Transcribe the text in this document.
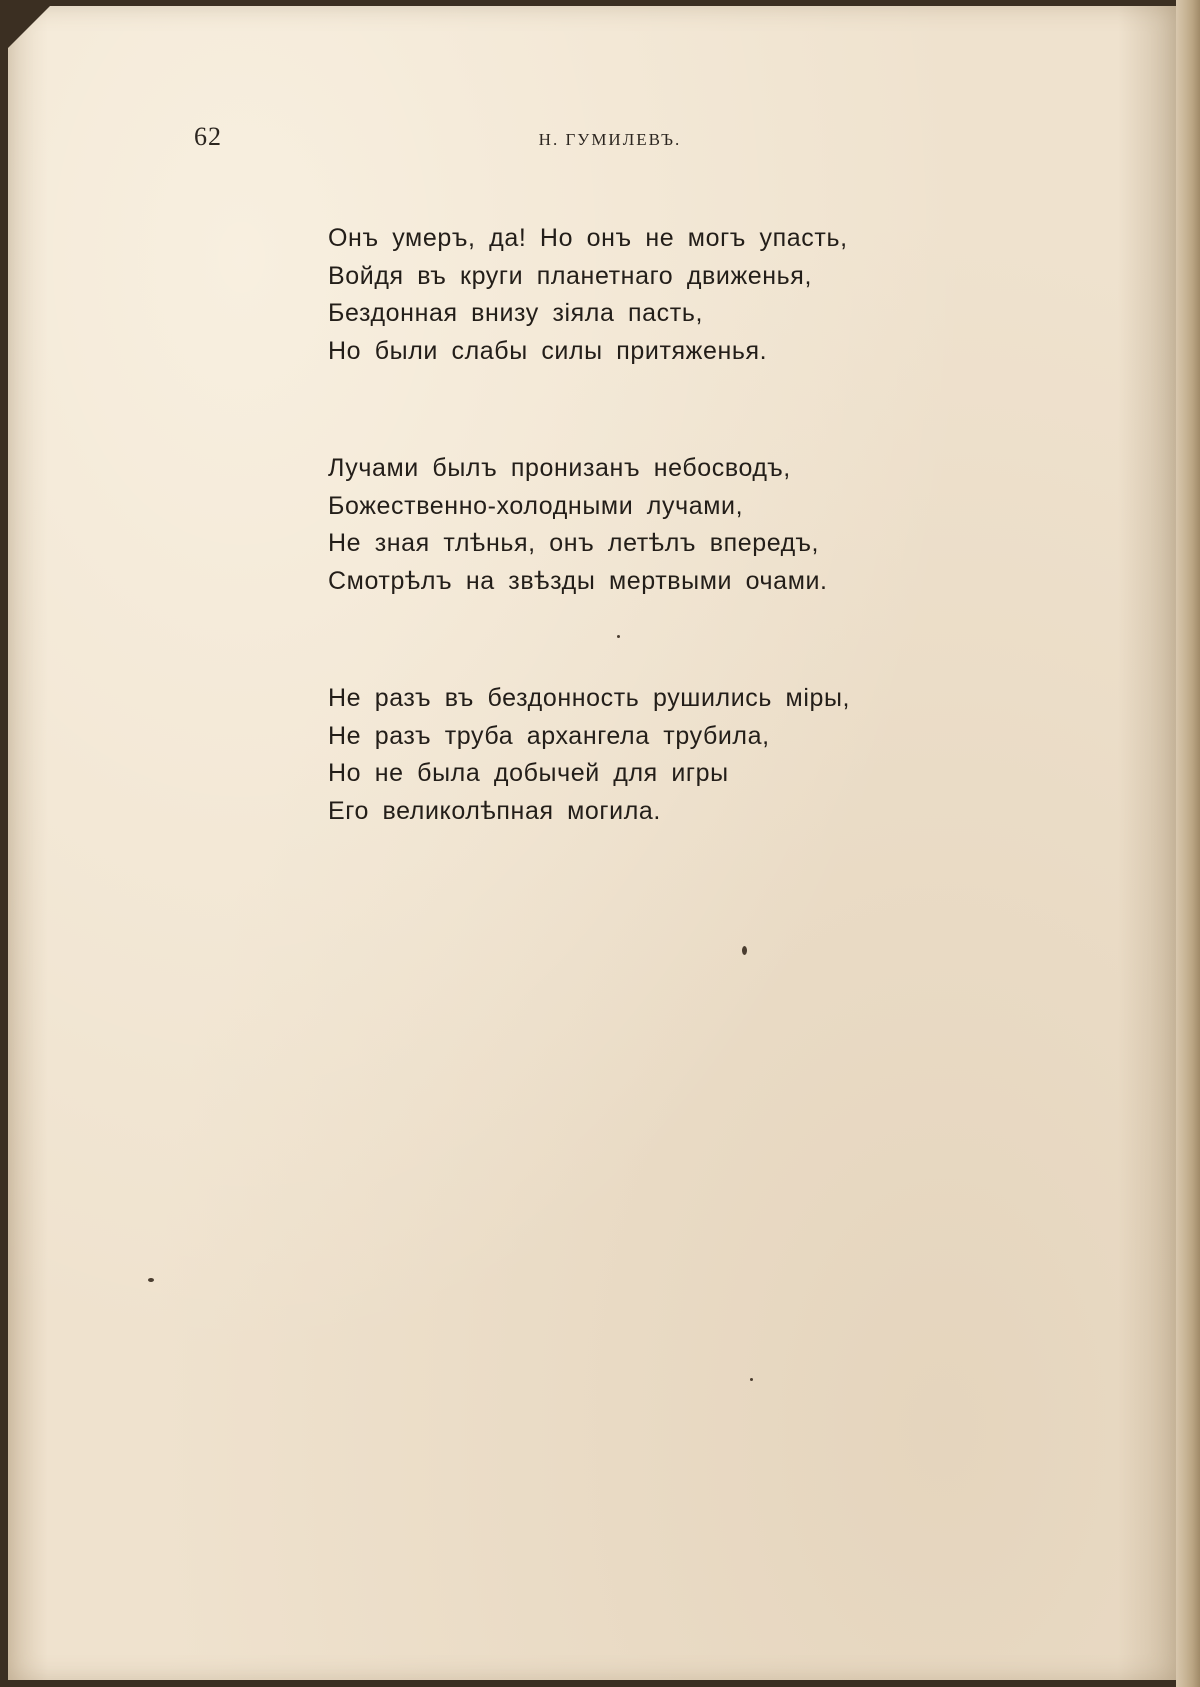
62	Н. ГУМИЛЕВЪ.
Онъ умеръ, да! Но онъ не могъ упасть,
Войдя въ круги планетнаго движенья,
Бездонная внизу зіяла пасть,
Но были слабы силы притяженья.
Лучами былъ пронизанъ небосводъ,
Божественно-холодными лучами,
Не зная тлѣнья, онъ летѣлъ впередъ,
Смотрѣлъ на звѣзды мертвыми очами.
Не разъ въ бездонность рушились міры,
Не разъ труба архангела трубила,
Но не была добычей для игры
Его великолѣпная могила.
